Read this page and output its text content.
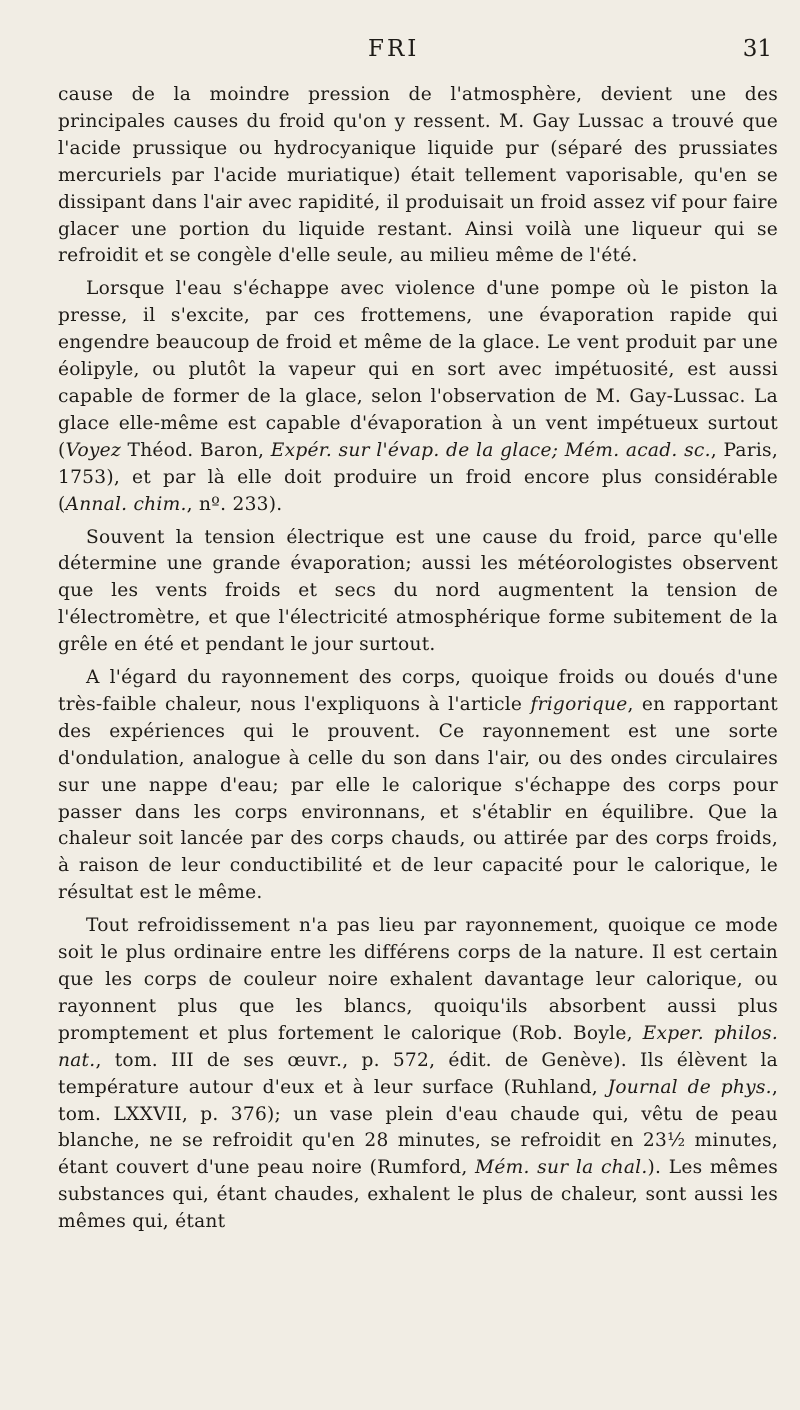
FRI	31

cause de la moindre pression de l'atmosphère, devient une des principales causes du froid qu'on y ressent. M. Gay Lussac a trouvé que l'acide prussique ou hydrocyanique liquide pur (séparé des prussiates mercuriels par l'acide muriatique) était tellement vaporisable, qu'en se dissipant dans l'air avec rapidité, il produisait un froid assez vif pour faire glacer une portion du liquide restant. Ainsi voilà une liqueur qui se refroidit et se congèle d'elle seule, au milieu même de l'été.

Lorsque l'eau s'échappe avec violence d'une pompe où le piston la presse, il s'excite, par ces frottemens, une évaporation rapide qui engendre beaucoup de froid et même de la glace. Le vent produit par une éolipyle, ou plutôt la vapeur qui en sort avec impétuosité, est aussi capable de former de la glace, selon l'observation de M. Gay-Lussac. La glace elle-même est capable d'évaporation à un vent impétueux surtout (Voyez Théod. Baron, Expér. sur l'évap. de la glace; Mém. acad. sc., Paris, 1753), et par là elle doit produire un froid encore plus considérable (Annal. chim., nº. 233).

Souvent la tension électrique est une cause du froid, parce qu'elle détermine une grande évaporation; aussi les météorologistes observent que les vents froids et secs du nord augmentent la tension de l'électromètre, et que l'électricité atmosphérique forme subitement de la grêle en été et pendant le jour surtout.

A l'égard du rayonnement des corps, quoique froids ou doués d'une très-faible chaleur, nous l'expliquons à l'article frigorique, en rapportant des expériences qui le prouvent. Ce rayonnement est une sorte d'ondulation, analogue à celle du son dans l'air, ou des ondes circulaires sur une nappe d'eau; par elle le calorique s'échappe des corps pour passer dans les corps environnans, et s'établir en équilibre. Que la chaleur soit lancée par des corps chauds, ou attirée par des corps froids, à raison de leur conductibilité et de leur capacité pour le calorique, le résultat est le même.

Tout refroidissement n'a pas lieu par rayonnement, quoique ce mode soit le plus ordinaire entre les différens corps de la nature. Il est certain que les corps de couleur noire exhalent davantage leur calorique, ou rayonnent plus que les blancs, quoiqu'ils absorbent aussi plus promptement et plus fortement le calorique (Rob. Boyle, Exper. philos. nat., tom. III de ses œuvr., p. 572, édit. de Genève). Ils élèvent la température autour d'eux et à leur surface (Ruhland, Journal de phys., tom. LXXVII, p. 376); un vase plein d'eau chaude qui, vêtu de peau blanche, ne se refroidit qu'en 28 minutes, se refroidit en 23½ minutes, étant couvert d'une peau noire (Rumford, Mém. sur la chal.). Les mêmes substances qui, étant chaudes, exhalent le plus de chaleur, sont aussi les mêmes qui, étant
